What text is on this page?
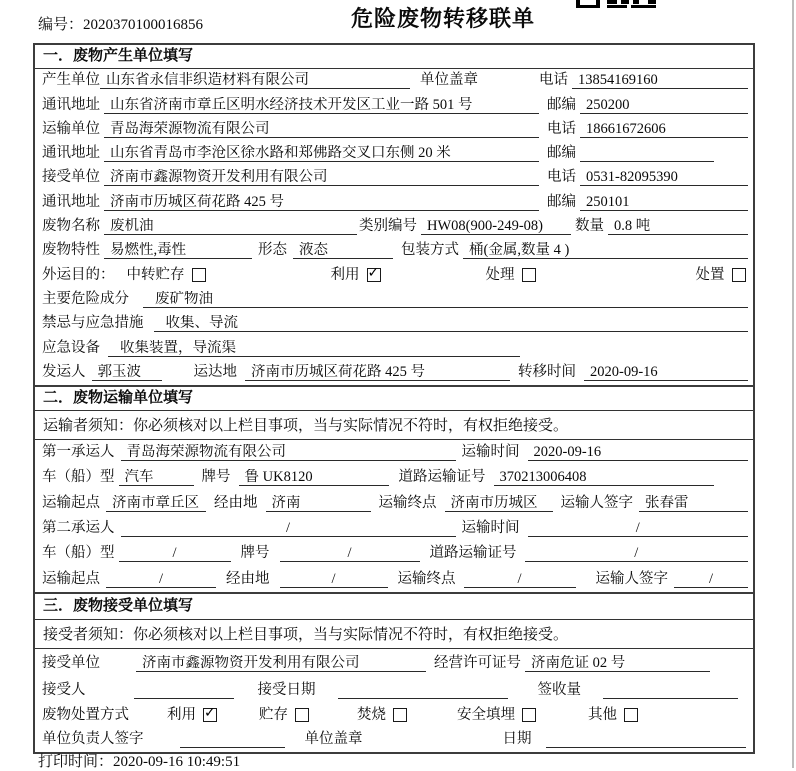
编号：2020370100016856	危险废物转移联单
一．废物产生单位填写
产生单位 山东省永信非织造材料有限公司	单位盖章	电话 13854169160
通讯地址 山东省济南市章丘区明水经济技术开发区工业一路 501 号	邮编 250200
运输单位 青岛海荣源物流有限公司	电话 18661672606
通讯地址 山东省青岛市李沧区徐水路和郑佛路交叉口东侧 20 米	邮编
接受单位 济南市鑫源物资开发利用有限公司	电话 0531-82095390
通讯地址 济南市历城区荷花路 425 号	邮编 250101
废物名称 废机油	类别编号 HW08(900-249-08)	数量 0.8 吨
废物特性 易燃性,毒性	形态 液态	包装方式 桶(金属,数量 4 )
外运目的： 中转贮存	利用 ✓	处理	处置
主要危险成分	废矿物油
禁忌与应急措施	收集、导流
应急设备	收集装置，导流渠
发运人 郭玉波	运达地 济南市历城区荷花路 425 号	转移时间 2020-09-16
二．废物运输单位填写
运输者须知：你必须核对以上栏目事项，当与实际情况不符时，有权拒绝接受。
第一承运人 青岛海荣源物流有限公司	运输时间 2020-09-16
车（船）型 汽车	牌号 鲁 UK8120	道路运输证号 370213006408
运输起点 济南市章丘区	经由地 济南	运输终点 济南市历城区	运输人签字 张春雷
第二承运人	/	运输时间	/
车（船）型	/	牌号	/	道路运输证号	/
运输起点	/	经由地	/	运输终点	/	运输人签字	/
三．废物接受单位填写
接受者须知：你必须核对以上栏目事项，当与实际情况不符时，有权拒绝接受。
接受单位	济南市鑫源物资开发利用有限公司	经营许可证号 济南危证 02 号
接受人	接受日期	签收量
废物处置方式	利用 ✓	贮存	焚烧	安全填埋	其他
单位负责人签字	单位盖章	日期
打印时间：2020-09-16 10:49:51
